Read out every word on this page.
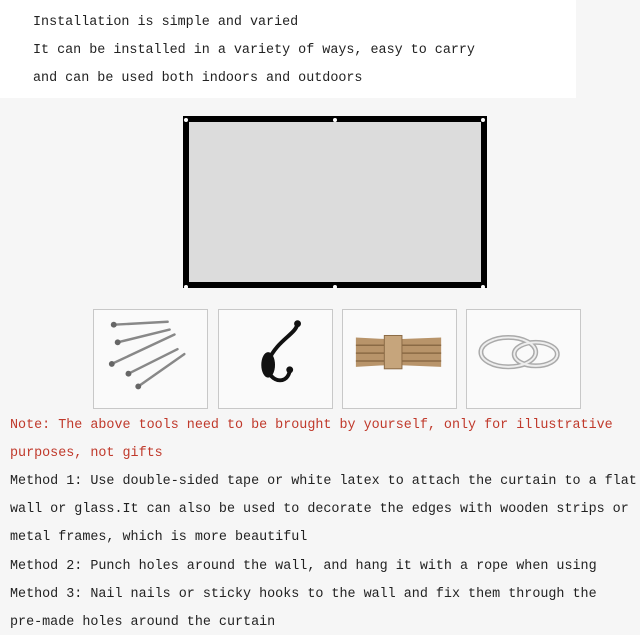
Installation is simple and varied
It can be installed in a variety of ways, easy to carry
and can be used both indoors and outdoors
Note: The above tools need to be brought by yourself, only for illustrative
purposes, not gifts
Method 1: Use double-sided tape or white latex to attach the curtain to a flat
wall or glass.It can also be used to decorate the edges with wooden strips or
metal frames, which is more beautiful
Method 2: Punch holes around the wall, and hang it with a rope when using
Method 3: Nail nails or sticky hooks to the wall and fix them through the
pre-made holes around the curtain
